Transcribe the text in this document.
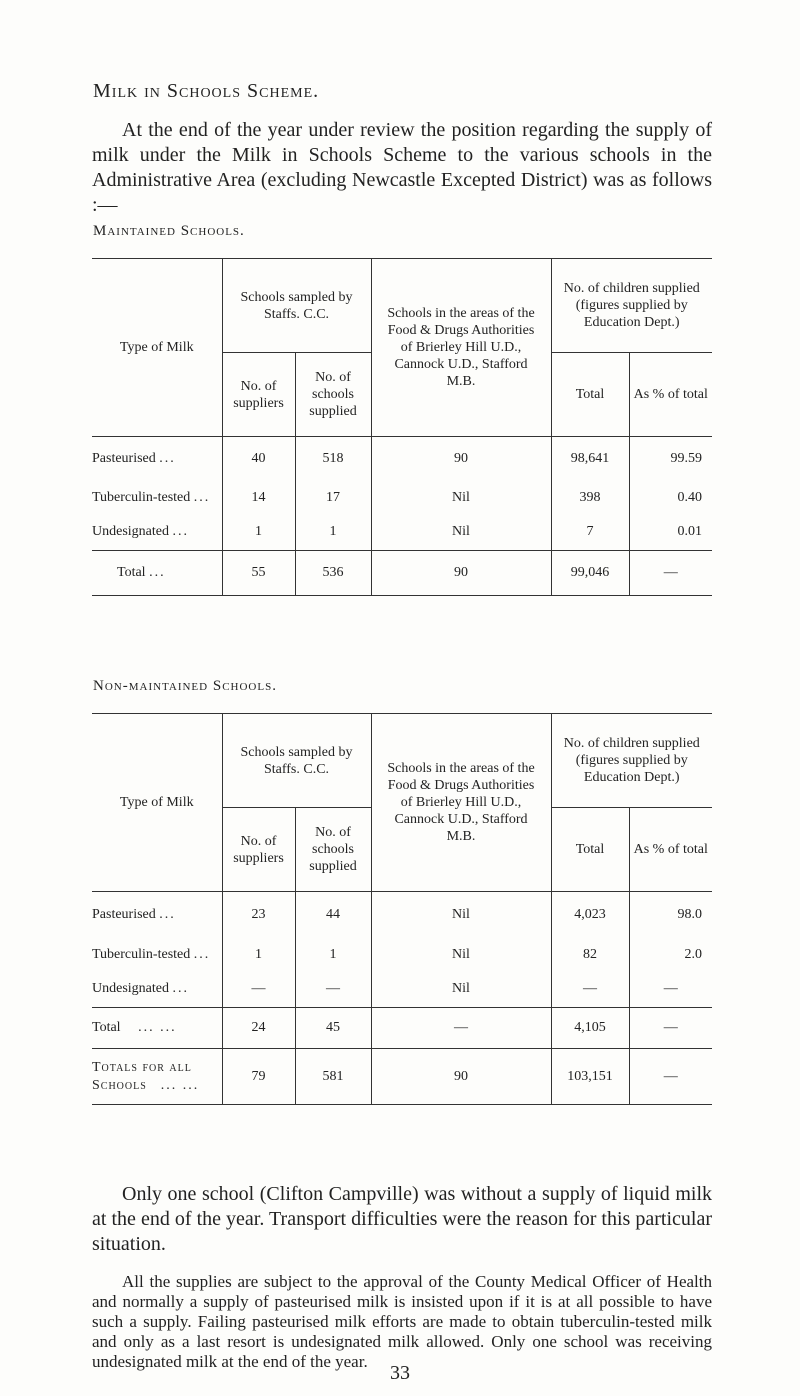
Milk in Schools Scheme.
At the end of the year under review the position regarding the supply of milk under the Milk in Schools Scheme to the various schools in the Administrative Area (excluding Newcastle Excepted District) was as follows :—
Maintained Schools.
Type of Milk	Schools sampled by Staffs. C.C.		Schools in the areas of the Food & Drugs Authorities of Brierley Hill U.D., Cannock U.D., Stafford M.B.	No. of children supplied (figures supplied by Education Dept.)	
	No. of suppliers	No. of schools supplied		Total	As % of total
Pasteurised ...	40	518	90	98,641	99.59
Tuberculin-tested ...	14	17	Nil	398	0.40
Undesignated ...	1	1	Nil	7	0.01
Total ...	55	536	90	99,046	—
Non-maintained Schools.
Type of Milk	Schools sampled by Staffs. C.C.		Schools in the areas of the Food & Drugs Authorities of Brierley Hill U.D., Cannock U.D., Stafford M.B.	No. of children supplied (figures supplied by Education Dept.)	
	No. of suppliers	No. of schools supplied		Total	As % of total
Pasteurised ...	23	44	Nil	4,023	98.0
Tuberculin-tested ...	1	1	Nil	82	2.0
Undesignated ...	—	—	Nil	—	—
Total ... ...	24	45	—	4,105	—
Totals for all
Schools ... ...	79	581	90	103,151	—
Only one school (Clifton Campville) was without a supply of liquid milk at the end of the year. Transport difficulties were the reason for this particular situation.
All the supplies are subject to the approval of the County Medical Officer of Health and normally a supply of pasteurised milk is insisted upon if it is at all possible to have such a supply. Failing pasteurised milk efforts are made to obtain tuberculin-tested milk and only as a last resort is undesignated milk allowed. Only one school was receiving undesignated milk at the end of the year.
33
